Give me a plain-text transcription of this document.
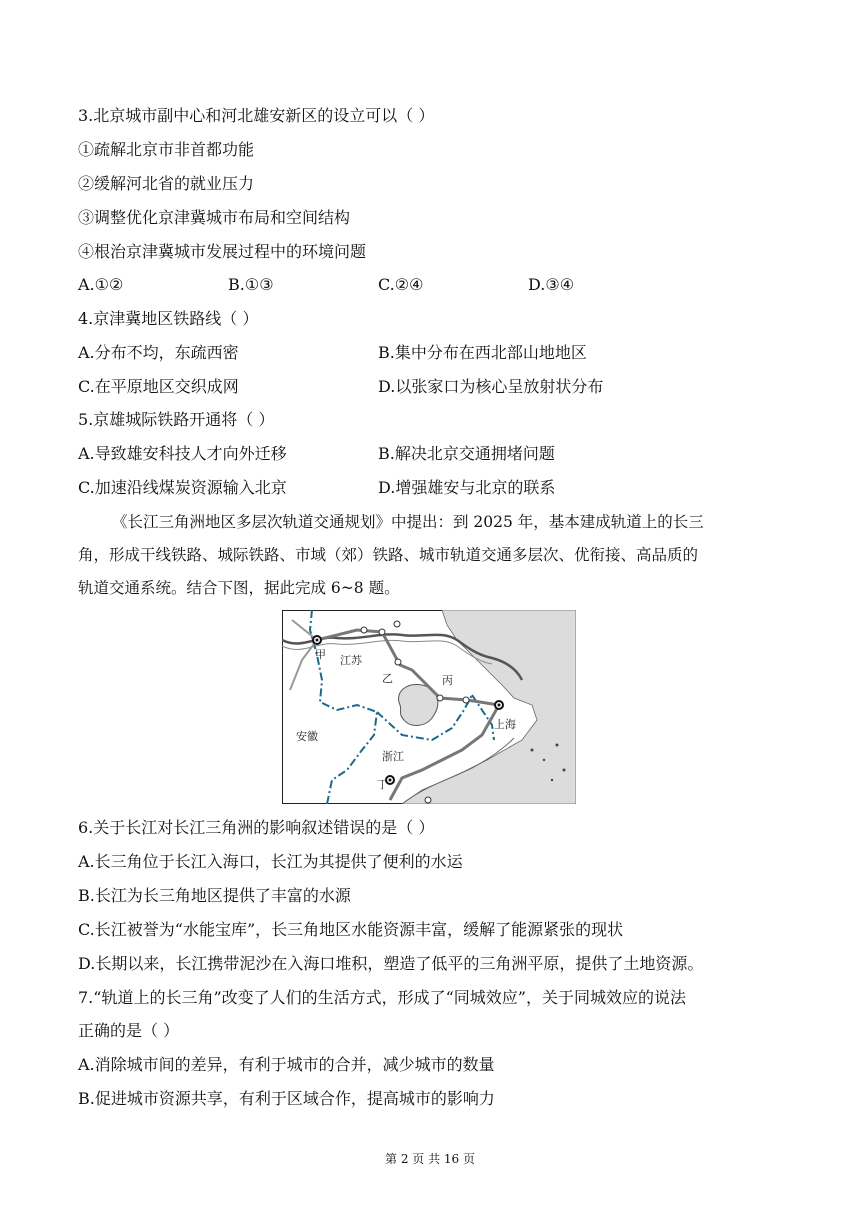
3.北京城市副中心和河北雄安新区的设立可以（ ）
①疏解北京市非首都功能
②缓解河北省的就业压力
③调整优化京津冀城市布局和空间结构
④根治京津冀城市发展过程中的环境问题
A.①②	B.①③	C.②④	D.③④
4.京津冀地区铁路线（ ）
A.分布不均，东疏西密	B.集中分布在西北部山地地区
C.在平原地区交织成网	D.以张家口为核心呈放射状分布
5.京雄城际铁路开通将（ ）
A.导致雄安科技人才向外迁移	B.解决北京交通拥堵问题
C.加速沿线煤炭资源输入北京	D.增强雄安与北京的联系
《长江三角洲地区多层次轨道交通规划》中提出：到 2025 年，基本建成轨道上的长三
角，形成干线铁路、城际铁路、市域（郊）铁路、城市轨道交通多层次、优衔接、高品质的
轨道交通系统。结合下图，据此完成 6~8 题。
甲 江苏
乙	丙
上海
安徽
浙江
丁
6.关于长江对长江三角洲的影响叙述错误的是（ ）
A.长三角位于长江入海口，长江为其提供了便利的水运
B.长江为长三角地区提供了丰富的水源
C.长江被誉为“水能宝库”，长三角地区水能资源丰富，缓解了能源紧张的现状
D.长期以来，长江携带泥沙在入海口堆积，塑造了低平的三角洲平原，提供了土地资源。
7.“轨道上的长三角”改变了人们的生活方式，形成了“同城效应”，关于同城效应的说法
正确的是（ ）
A.消除城市间的差异，有利于城市的合并，减少城市的数量
B.促进城市资源共享，有利于区域合作，提高城市的影响力
第 2 页 共 16 页
